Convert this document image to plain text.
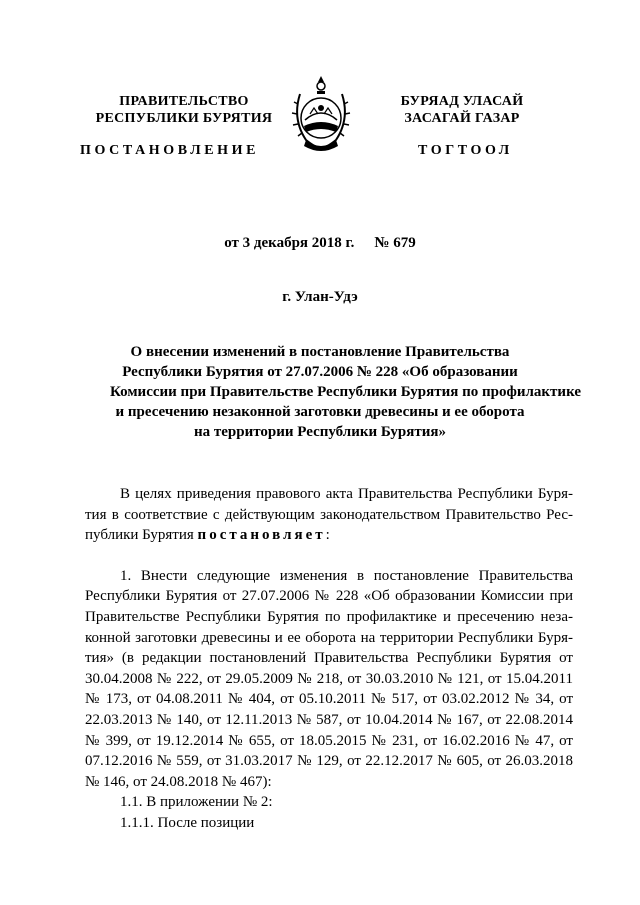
ПРАВИТЕЛЬСТВО
РЕСПУБЛИКИ БУРЯТИЯ
БУРЯАД УЛАСАЙ
ЗАСАГАЙ ГАЗАР
ПОСТАНОВЛЕНИЕ	ТОГТООЛ
от 3 декабря 2018 г. № 679
г. Улан-Удэ
О внесении изменений в постановление Правительства
Республики Бурятия от 27.07.2006 № 228 «Об образовании
Комиссии при Правительстве Республики Бурятия по профилактике
и пресечению незаконной заготовки древесины и ее оборота
на территории Республики Бурятия»
В целях приведения правового акта Правительства Республики Буря-
тия в соответствие с действующим законодательством Правительство Рес-
публики Бурятия постановляет:
1. Внести следующие изменения в постановление Правительства
Республики Бурятия от 27.07.2006 № 228 «Об образовании Комиссии при
Правительстве Республики Бурятия по профилактике и пресечению неза-
конной заготовки древесины и ее оборота на территории Республики Буря-
тия» (в редакции постановлений Правительства Республики Бурятия от
30.04.2008 № 222, от 29.05.2009 № 218, от 30.03.2010 № 121, от 15.04.2011
№ 173, от 04.08.2011 № 404, от 05.10.2011 № 517, от 03.02.2012 № 34, от
22.03.2013 № 140, от 12.11.2013 № 587, от 10.04.2014 № 167, от 22.08.2014
№ 399, от 19.12.2014 № 655, от 18.05.2015 № 231, от 16.02.2016 № 47, от
07.12.2016 № 559, от 31.03.2017 № 129, от 22.12.2017 № 605, от 26.03.2018
№ 146, от 24.08.2018 № 467):
1.1. В приложении № 2:
1.1.1. После позиции
